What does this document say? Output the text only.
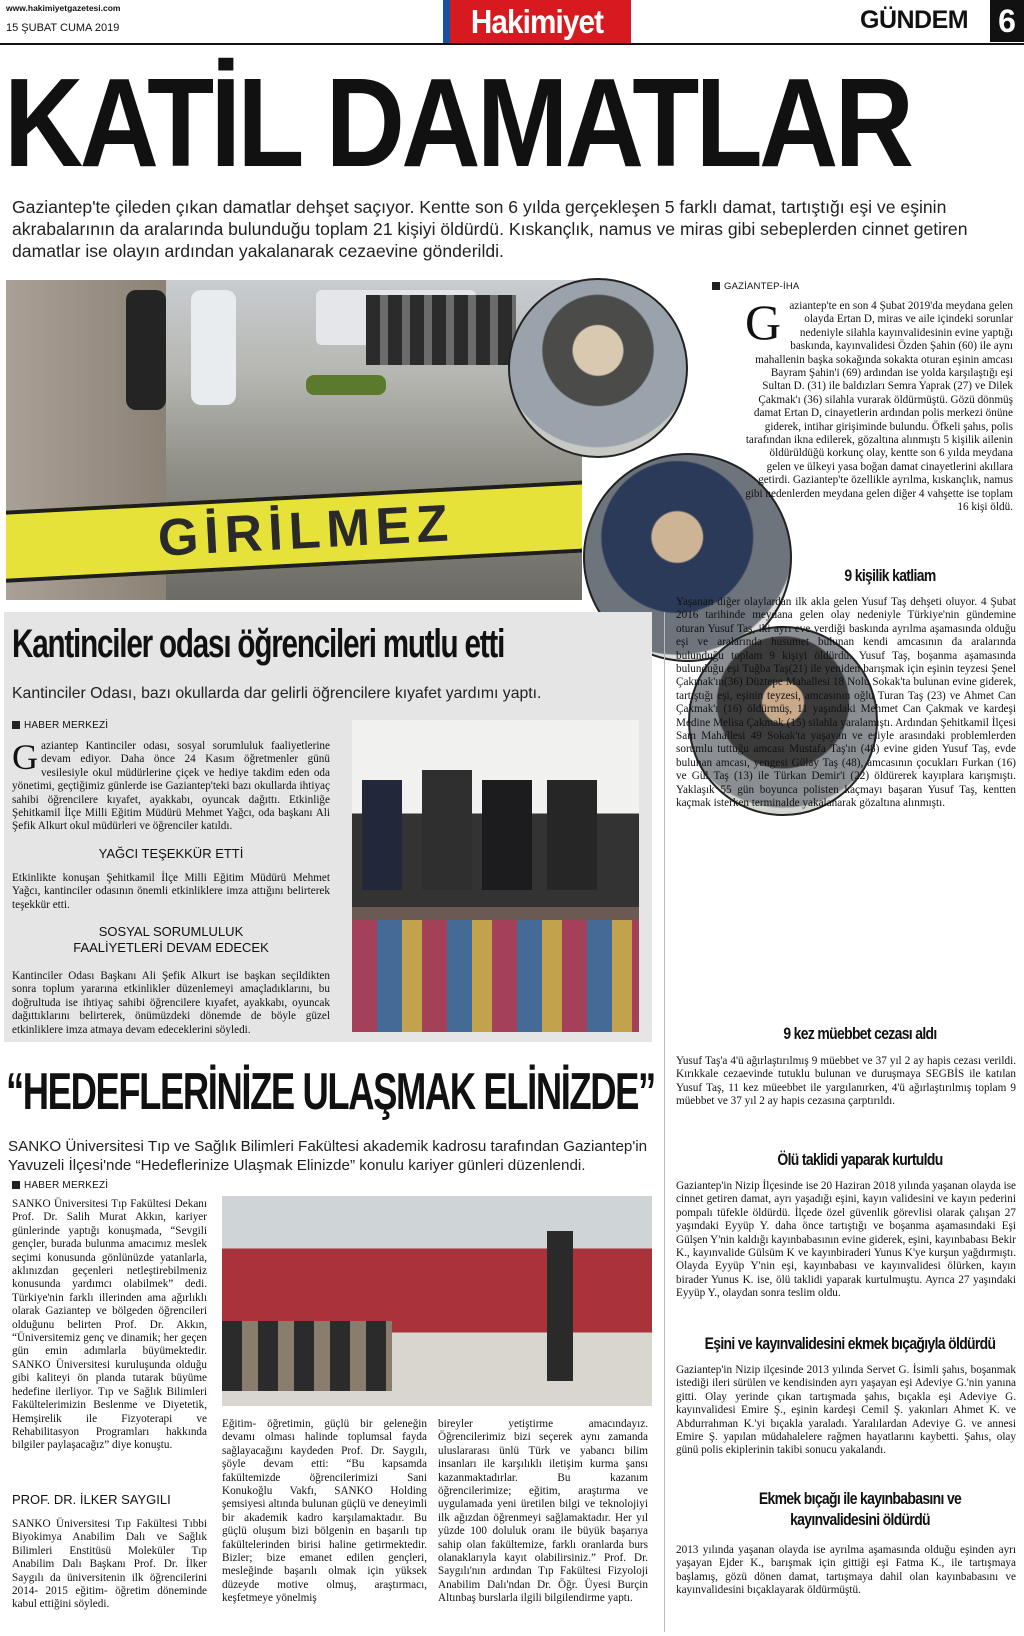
www.hakimiyetgazetesi.com
15 ŞUBAT CUMA 2019	Hakimiyet	GÜNDEM 6
KATİL DAMATLAR
Gaziantep'te çileden çıkan damatlar dehşet saçıyor. Kentte son 6 yılda gerçekleşen 5 farklı damat, tartıştığı eşi ve eşinin akrabalarının da aralarında bulunduğu toplam 21 kişiyi öldürdü. Kıskançlık, namus ve miras gibi sebeplerden cinnet getiren damatlar ise olayın ardından yakalanarak cezaevine gönderildi.
GİRİLMEZ
GAZİANTEP-İHA
Gaziantep'te en son 4 Şubat 2019'da meydana gelen olayda Ertan D, miras ve aile içindeki sorunlar nedeniyle silahla kayınvalidesinin evine yaptığı baskında, kayınvalidesi Özden Şahin (60) ile aynı mahallenin başka sokağında sokakta oturan eşinin amcası Bayram Şahin'i (69) ardından ise yolda karşılaştığı eşi Sultan D. (31) ile baldızları Semra Yaprak (27) ve Dilek Çakmak'ı (36) silahla vurarak öldürmüştü. Gözü dönmüş damat Ertan D, cinayetlerin ardından polis merkezi önüne giderek, intihar girişiminde bulundu. Öfkeli şahıs, polis tarafından ikna edilerek, gözaltına alınmıştı 5 kişilik ailenin öldürüldüğü korkunç olay, kentte son 6 yılda meydana gelen ve ülkeyi yasa boğan damat cinayetlerini akıllara getirdi. Gaziantep'te özellikle ayrılma, kıskançlık, namus gibi nedenlerden meydana gelen diğer 4 vahşette ise toplam 16 kişi öldü.
9 kişilik katliam
Yaşanan diğer olaylardan ilk akla gelen Yusuf Taş dehşeti oluyor. 4 Şubat 2016 tarihinde meydana gelen olay nedeniyle Türkiye'nin gündemine oturan Yusuf Taş, iki ayrı eve verdiği baskında ayrılma aşamasında olduğu eşi ve aralarında husumet bulunan kendi amcasının da aralarında bulunduğu toplam 9 kişiyi öldürdü. Yusuf Taş, boşanma aşamasında bulunduğu eşi Tuğba Taş(21) ile yeniden barışmak için eşinin teyzesi Şenel Çakmak'ın(36) Düztepe Mahallesi 18 Nolu Sokak'ta bulunan evine giderek, tartıştığı eşi, eşinin teyzesi, amcasının oğlu Turan Taş (23) ve Ahmet Can Çakmak'ı (16) öldürmüş, 11 yaşındaki Mehmet Can Çakmak ve kardeşi Medine Melisa Çakmak (15) silahla yaralamıştı. Ardından Şehitkamil İlçesi Sam Mahallesi 49 Sokak'ta yaşayan ve eşiyle arasındaki problemlerden sorumlu tuttuğu amcası Mustafa Taş'ın (48) evine giden Yusuf Taş, evde bulunan amcası, yengesi Gülay Taş (48), amcasının çocukları Furkan (16) ve Gül Taş (13) ile Türkan Demir'i (22) öldürerek kayıplara karışmıştı. Yaklaşık 55 gün boyunca polisten kaçmayı başaran Yusuf Taş, kentten kaçmak isterken terminalde yakalanarak gözaltına alınmıştı.
9 kez müebbet cezası aldı
Yusuf Taş'a 4'ü ağırlaştırılmış 9 müebbet ve 37 yıl 2 ay hapis cezası verildi. Kırıkkale cezaevinde tutuklu bulunan ve duruşmaya SEGBİS ile katılan Yusuf Taş, 11 kez müeebbet ile yargılanırken, 4'ü ağırlaştırılmış toplam 9 müebbet ve 37 yıl 2 ay hapis cezasına çarptırıldı.
Ölü taklidi yaparak kurtuldu
Gaziantep'in Nizip İlçesinde ise 20 Haziran 2018 yılında yaşanan olayda ise cinnet getiren damat, ayrı yaşadığı eşini, kayın validesini ve kayın pederini pompalı tüfekle öldürdü. İlçede özel güvenlik görevlisi olarak çalışan 27 yaşındaki Eyyüp Y. daha önce tartıştığı ve boşanma aşamasındaki Eşi Gülşen Y'nin kaldığı kayınbabasının evine giderek, eşini, kayınbabası Bekir K., kayınvalide Gülsüm K ve kayınbiraderi Yunus K'ye kurşun yağdırmıştı. Olayda Eyyüp Y'nin eşi, kayınbabası ve kayınvalidesi ölürken, kayın birader Yunus K. ise, ölü taklidi yaparak kurtulmuştu. Ayrıca 27 yaşındaki Eyyüp Y., olaydan sonra teslim oldu.
Eşini ve kayınvalidesini ekmek bıçağıyla öldürdü
Gaziantep'in Nizip ilçesinde 2013 yılında Servet G. İsimli şahıs, boşanmak istediği ileri sürülen ve kendisinden ayrı yaşayan eşi Adeviye G.'nin yanına gitti. Olay yerinde çıkan tartışmada şahıs, bıçakla eşi Adeviye G. kayınvalidesi Emire Ş., eşinin kardeşi Cemil Ş. yakınları Ahmet K. ve Abdurrahman K.'yi bıçakla yaraladı. Yaralılardan Adeviye G. ve annesi Emire Ş. yapılan müdahalelere rağmen hayatlarını kaybetti. Şahıs, olay günü polis ekiplerinin takibi sonucu yakalandı.
Ekmek bıçağı ile kayınbabasını ve kayınvalidesini öldürdü
2013 yılında yaşanan olayda ise ayrılma aşamasında olduğu eşinden ayrı yaşayan Ejder K., barışmak için gittiği eşi Fatma K., ile tartışmaya başlamış, gözü dönen damat, tartışmaya dahil olan kayınbabasını ve kayınvalidesini bıçaklayarak öldürmüştü.
Kantinciler odası öğrencileri mutlu etti
Kantinciler Odası, bazı okullarda dar gelirli öğrencilere kıyafet yardımı yaptı.
HABER MERKEZİ
Gaziantep Kantinciler odası, sosyal sorumluluk faaliyetlerine devam ediyor. Daha önce 24 Kasım öğretmenler günü vesilesiyle okul müdürlerine çiçek ve hediye takdim eden oda yönetimi, geçtiğimiz günlerde ise Gaziantep'teki bazı okullarda ihtiyaç sahibi öğrencilere kıyafet, ayakkabı, oyuncak dağıttı. Etkinliğe Şehitkamil İlçe Milli Eğitim Müdürü Mehmet Yağcı, oda başkanı Ali Şefik Alkurt okul müdürleri ve öğrenciler katıldı.
YAĞCI TEŞEKKÜR ETTİ
Etkinlikte konuşan Şehitkamil İlçe Milli Eğitim Müdürü Mehmet Yağcı, kantinciler odasının önemli etkinliklere imza attığını belirterek teşekkür etti.
SOSYAL SORUMLULUK
FAALİYETLERİ DEVAM EDECEK
Kantinciler Odası Başkanı Ali Şefik Alkurt ise başkan seçildikten sonra toplum yararına etkinlikler düzenlemeyi amaçladıklarını, bu doğrultuda ise ihtiyaç sahibi öğrencilere kıyafet, ayakkabı, oyuncak dağıttıklarını belirterek, önümüzdeki dönemde de böyle güzel etkinliklere imza atmaya devam edeceklerini söyledi.
“HEDEFLERİNİZE ULAŞMAK ELİNİZDE”
SANKO Üniversitesi Tıp ve Sağlık Bilimleri Fakültesi akademik kadrosu tarafından Gaziantep'in Yavuzeli İlçesi'nde “Hedeflerinize Ulaşmak Elinizde” konulu kariyer günleri düzenlendi.
HABER MERKEZİ
SANKO Üniversitesi Tıp Fakültesi Dekanı Prof. Dr. Salih Murat Akkın, kariyer günlerinde yaptığı konuşmada, “Sevgili gençler, burada bulunma amacımız meslek seçimi konusunda gönlünüzde yatanlarla, aklınızdan geçenleri netleştirebilmeniz konusunda yardımcı olabilmek” dedi. Türkiye'nin farklı illerinden ama ağırlıklı olarak Gaziantep ve bölgeden öğrencileri olduğunu belirten Prof. Dr. Akkın, “Üniversitemiz genç ve dinamik; her geçen gün emin adımlarla büyümektedir. SANKO Üniversitesi kuruluşunda olduğu gibi kaliteyi ön planda tutarak büyüme hedefine ilerliyor. Tıp ve Sağlık Bilimleri Fakültelerimizin Beslenme ve Diyetetik, Hemşirelik ile Fizyoterapi ve Rehabilitasyon Programları hakkında bilgiler paylaşacağız” diye konuştu.
PROF. DR. İLKER SAYGILI
SANKO Üniversitesi Tıp Fakültesi Tıbbi Biyokimya Anabilim Dalı ve Sağlık Bilimleri Enstitüsü Moleküler Tıp Anabilim Dalı Başkanı Prof. Dr. İlker Saygılı da üniversitenin ilk öğrencilerini 2014- 2015 eğitim- öğretim döneminde kabul ettiğini söyledi.
Eğitim- öğretimin, güçlü bir geleneğin devamı olması halinde toplumsal fayda sağlayacağını kaydeden Prof. Dr. Saygılı, şöyle devam etti: “Bu kapsamda fakültemizde öğrencilerimizi Sani Konukoğlu Vakfı, SANKO Holding şemsiyesi altında bulunan güçlü ve deneyimli bir akademik kadro karşılamaktadır. Bu güçlü oluşum bizi bölgenin en başarılı tıp fakültelerinden birisi haline getirmektedir. Bizler; bize emanet edilen gençleri, mesleğinde başarılı olmak için yüksek düzeyde motive olmuş, araştırmacı, keşfetmeye yönelmiş
bireyler yetiştirme amacındayız. Öğrencilerimiz bizi seçerek aynı zamanda uluslararası ünlü Türk ve yabancı bilim insanları ile karşılıklı iletişim kurma şansı kazanmaktadırlar. Bu kazanım öğrencilerimize; eğitim, araştırma ve uygulamada yeni üretilen bilgi ve teknolojiyi ilk ağızdan öğrenmeyi sağlamaktadır. Her yıl yüzde 100 doluluk oranı ile büyük başarıya sahip olan fakültemize, farklı oranlarda burs olanaklarıyla kayıt olabilirsiniz.” Prof. Dr. Saygılı'nın ardından Tıp Fakültesi Fizyoloji Anabilim Dalı'ndan Dr. Öğr. Üyesi Burçin Altınbaş burslarla ilgili bilgilendirme yaptı.
